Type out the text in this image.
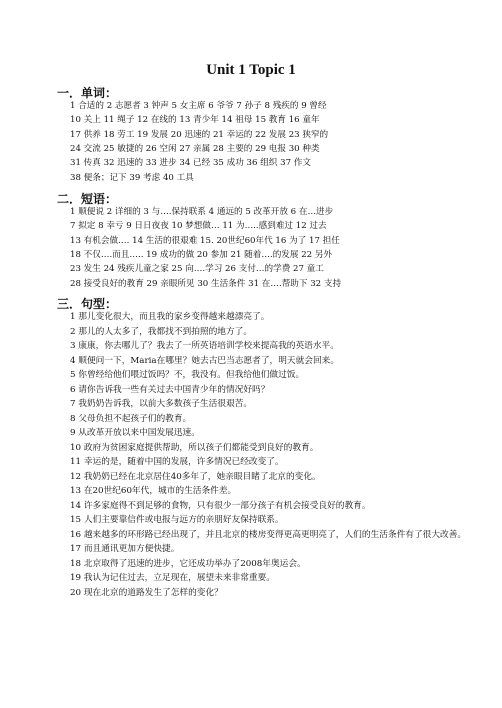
Unit 1 Topic 1
一．单词：
1 合适的 2 志愿者 3 钟声 5 女主席 6 爷爷 7 孙子 8 残疾的 9 曾经
10 关上 11 绳子 12 在线的 13 青少年 14 祖母 15 教育 16 童年
17 供养 18 劳工 19 发展 20 迅速的 21 幸运的 22 发展 23 狭窄的
24 交流 25 敏捷的 26 空闲 27 亲属 28 主要的 29 电报 30 种类
31 传真 32 迅速的 33 进步 34 已经 35 成功 36 组织 37 作文
38 便条；记下 39 考虑 40 工具
二．短语：
1 顺便说 2 详细的 3 与….保持联系 4 通远的 5 改革开放 6 在…进步
7 拟定 8 幸亏 9 日日夜夜 10 梦想做… 11 为…..感到难过 12 过去
13 有机会做…. 14 生活的很艰难 15. 20世纪60年代 16 为了 17 担任
18 不仅….而且….. 19 成功的做 20 参加 21 随着….的发展 22 另外
23 发生 24 残疾儿童之家 25 向….学习 26 支付…的学费 27 童工
28 接受良好的教育 29 亲眼所见 30 生活条件 31 在….帮助下 32 支持
三．句型：
1 那儿变化很大，而且我的家乡变得越来越漂亮了。
2 那儿的人太多了，我都找不到拍照的地方了。
3 康康，你去哪儿了？我去了一所英语培训学校来提高我的英语水平。
4 顺便问一下，Maria在哪里？她去古巴当志愿者了，明天就会回来。
5 你曾经给他们喂过饭吗？不，我没有。但我给他们做过饭。
6 请你告诉我一些有关过去中国青少年的情况好吗？
7 我奶奶告诉我，以前大多数孩子生活很艰苦。
8 父母负担不起孩子们的教育。
9 从改革开放以来中国发展迅速。
10 政府为贫困家庭提供帮助，所以孩子们都能受到良好的教育。
11 幸运的是，随着中国的发展，许多情况已经改变了。
12 我奶奶已经在北京居住40多年了，她亲眼目睹了北京的变化。
13 在20世纪60年代，城市的生活条件差。
14 许多家庭得不到足够的食物，只有很少一部分孩子有机会接受良好的教育。
15 人们主要靠信件或电报与远方的亲朋好友保持联系。
16 越来越多的环形路已经出现了，并且北京的楼房变得更高更明亮了，人们的生活条件有了很大改善。
17 而且通讯更加方便快捷。
18 北京取得了迅速的进步，它还成功举办了2008年奥运会。
19 我认为记住过去，立足现在，展望未来非常重要。
20 现在北京的道路发生了怎样的变化？
